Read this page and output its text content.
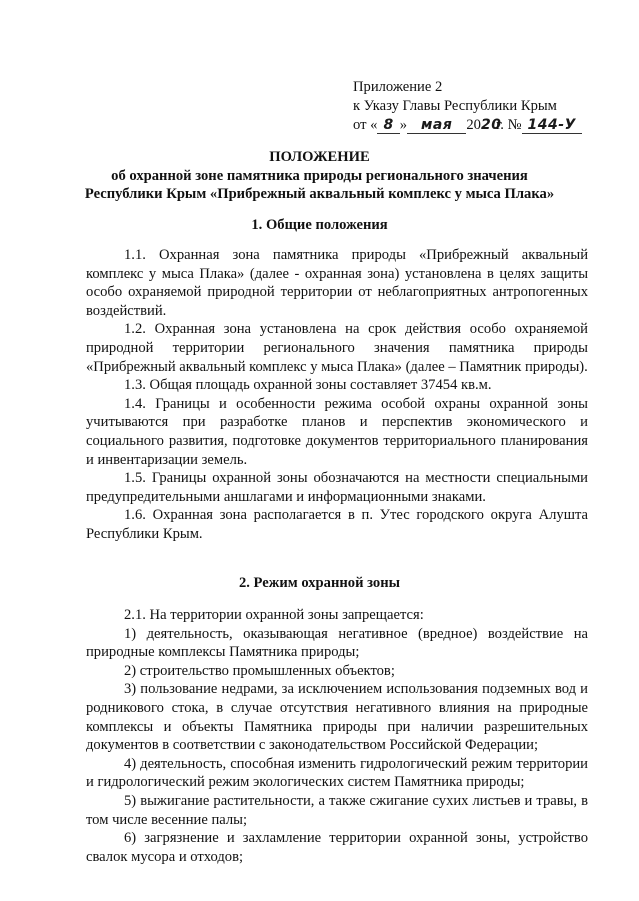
Приложение 2
к Указу Главы Республики Крым
от « 8 » мая 2020г. № 144-У
ПОЛОЖЕНИЕ
об охранной зоне памятника природы регионального значения
Республики Крым «Прибрежный аквальный комплекс у мыса Плака»
1. Общие положения

1.1. Охранная зона памятника природы «Прибрежный аквальный комплекс у мыса Плака» (далее - охранная зона) установлена в целях защиты особо охраняемой природной территории от неблагоприятных антропогенных воздействий.

1.2. Охранная зона установлена на срок действия особо охраняемой природной территории регионального значения памятника природы «Прибрежный аквальный комплекс у мыса Плака» (далее – Памятник природы).

1.3. Общая площадь охранной зоны составляет 37454 кв.м.

1.4. Границы и особенности режима особой охраны охранной зоны учитываются при разработке планов и перспектив экономического и социального развития, подготовке документов территориального планирования и инвентаризации земель.

1.5. Границы охранной зоны обозначаются на местности специальными предупредительными аншлагами и информационными знаками.

1.6. Охранная зона располагается в п. Утес городского округа Алушта Республики Крым.

2. Режим охранной зоны

2.1. На территории охранной зоны запрещается:

1) деятельность, оказывающая негативное (вредное) воздействие на природные комплексы Памятника природы;

2) строительство промышленных объектов;

3) пользование недрами, за исключением использования подземных вод и родникового стока, в случае отсутствия негативного влияния на природные комплексы и объекты Памятника природы при наличии разрешительных документов в соответствии с законодательством Российской Федерации;

4) деятельность, способная изменить гидрологический режим территории и гидрологический режим экологических систем Памятника природы;

5) выжигание растительности, а также сжигание сухих листьев и травы, в том числе весенние палы;

6) загрязнение и захламление территории охранной зоны, устройство свалок мусора и отходов;
